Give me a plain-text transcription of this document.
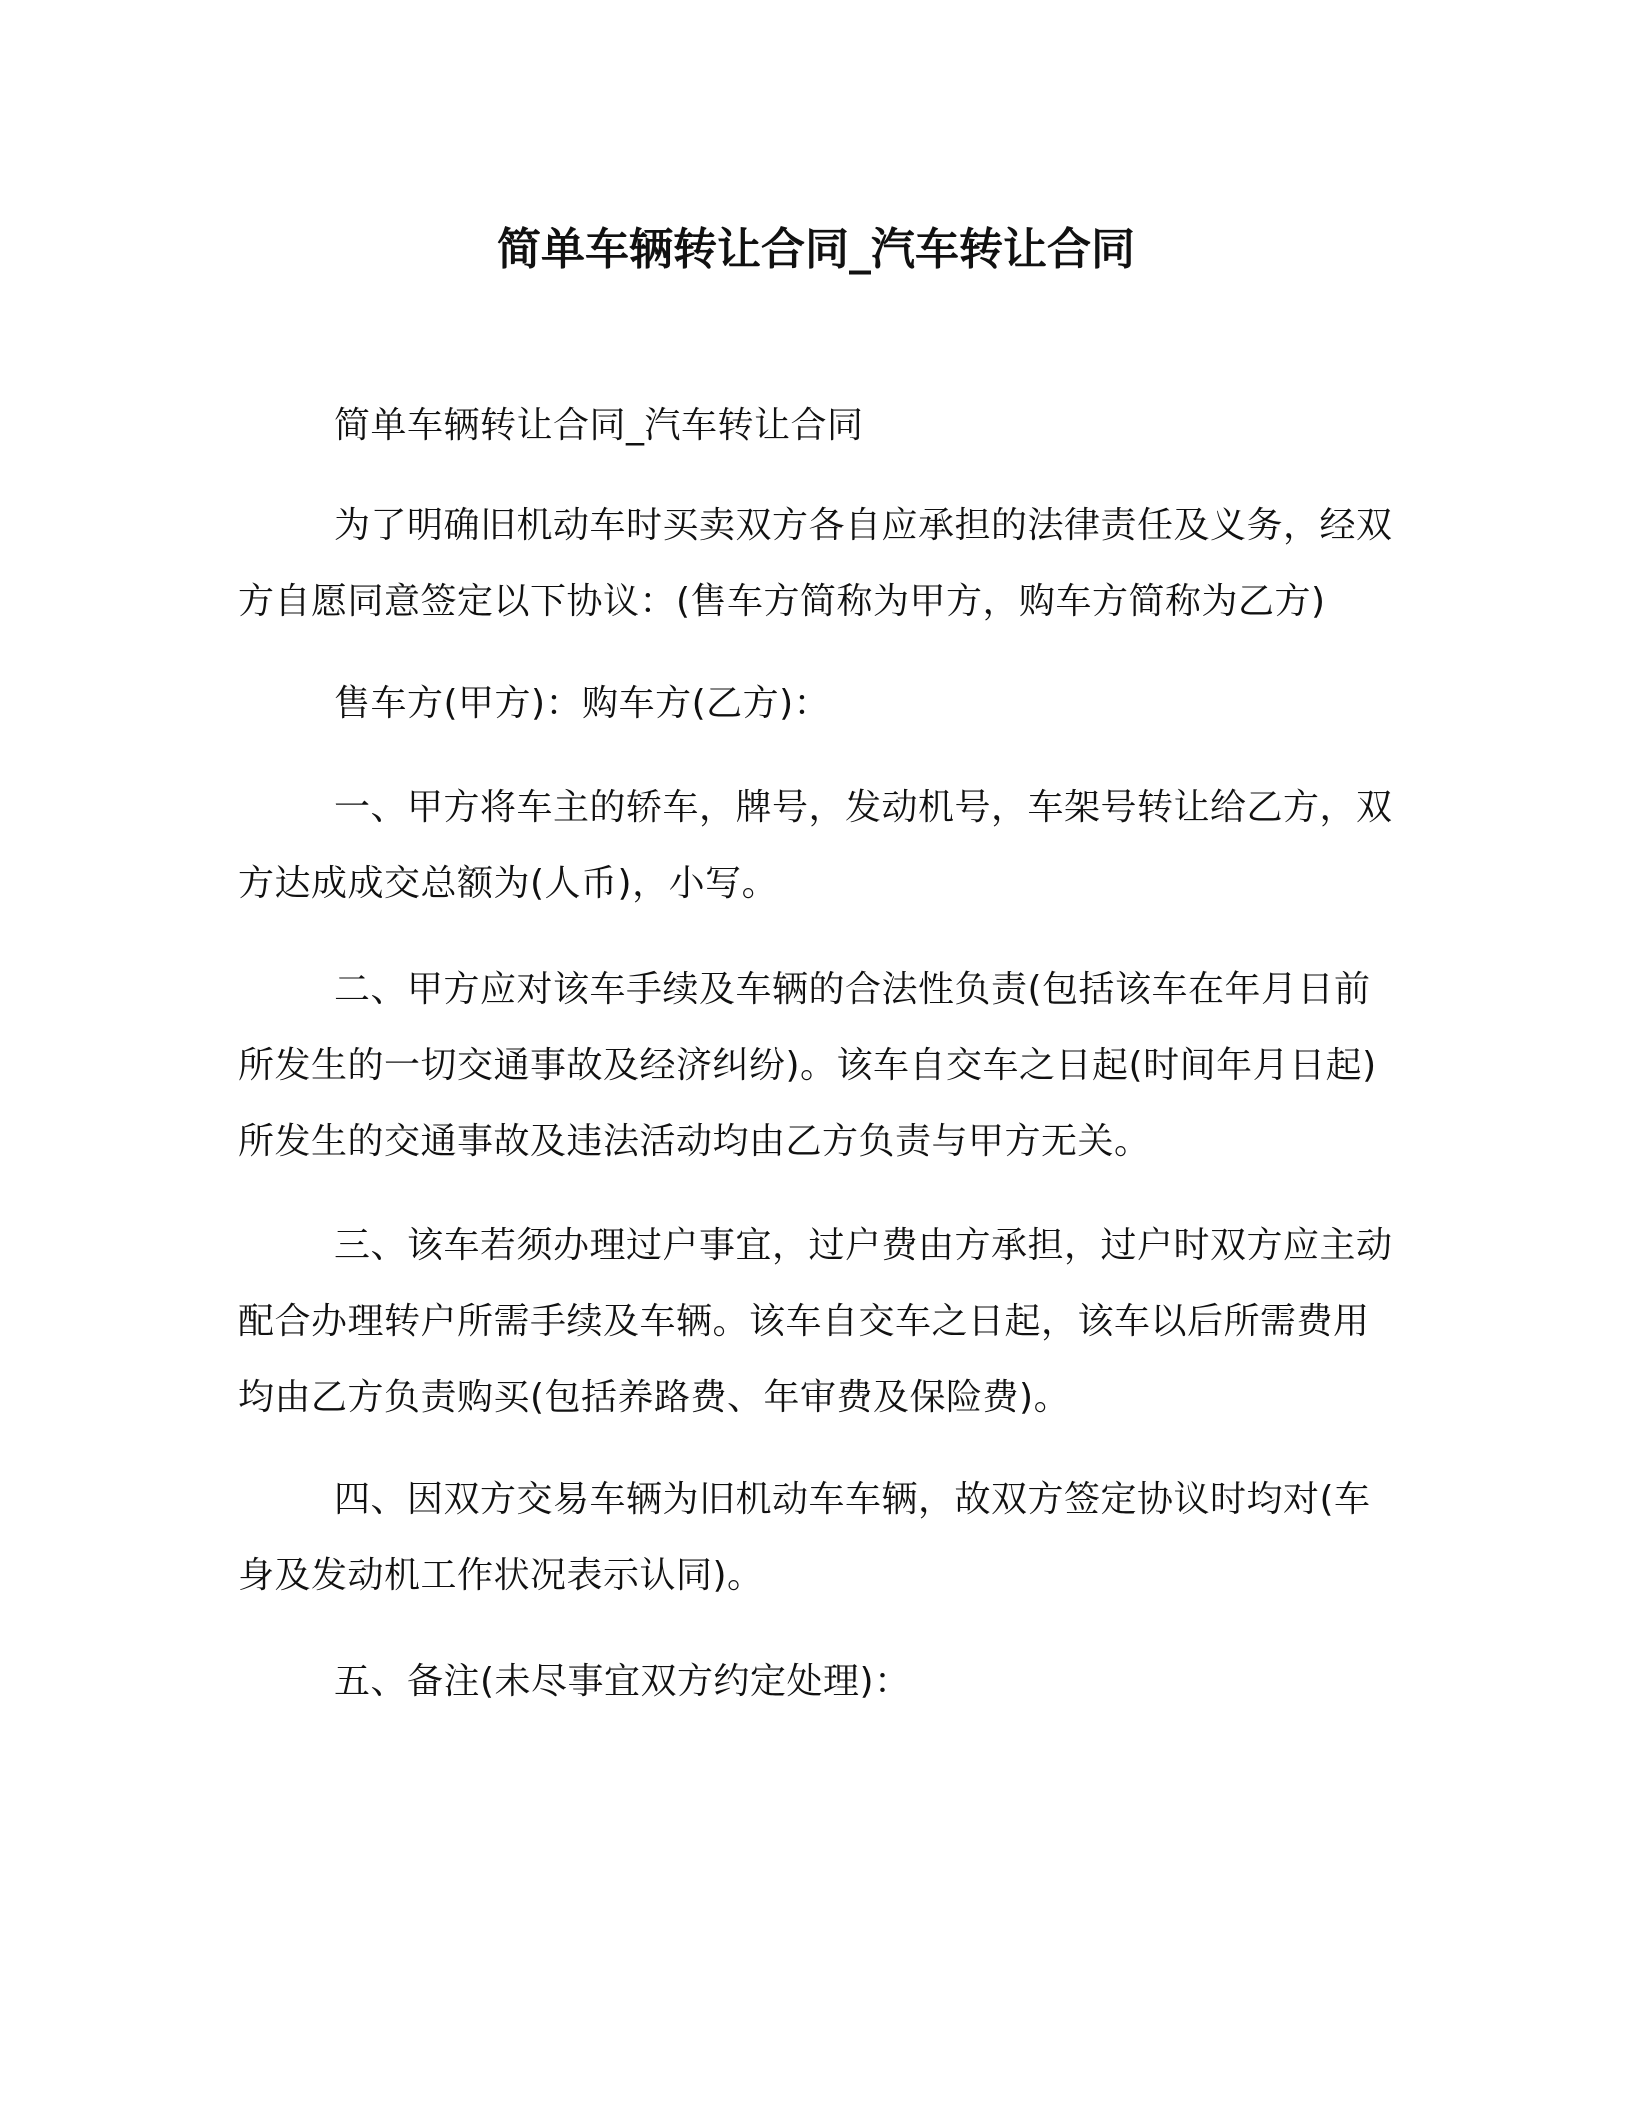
简单车辆转让合同_汽车转让合同

简单车辆转让合同_汽车转让合同

为了明确旧机动车时买卖双方各自应承担的法律责任及义务，经双方自愿同意签定以下协议：(售车方简称为甲方，购车方简称为乙方)

售车方(甲方)：购车方(乙方)：

一、甲方将车主的轿车，牌号，发动机号，车架号转让给乙方，双方达成成交总额为(人币)，小写。

二、甲方应对该车手续及车辆的合法性负责(包括该车在年月日前所发生的一切交通事故及经济纠纷)。该车自交车之日起(时间年月日起)所发生的交通事故及违法活动均由乙方负责与甲方无关。

三、该车若须办理过户事宜，过户费由方承担，过户时双方应主动配合办理转户所需手续及车辆。该车自交车之日起，该车以后所需费用均由乙方负责购买(包括养路费、年审费及保险费)。

四、因双方交易车辆为旧机动车车辆，故双方签定协议时均对(车身及发动机工作状况表示认同)。

五、备注(未尽事宜双方约定处理)：
